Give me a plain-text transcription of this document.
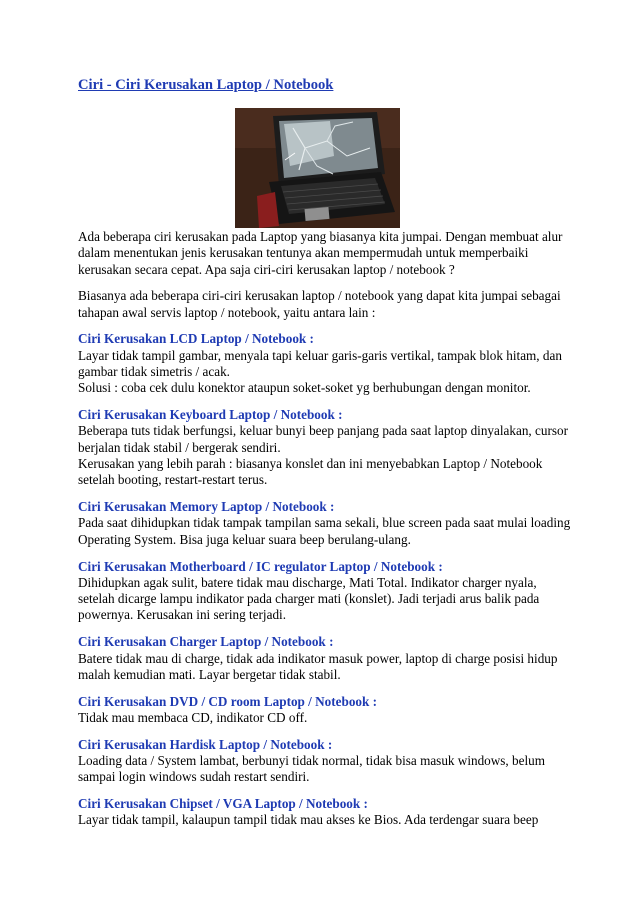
Ciri - Ciri Kerusakan Laptop / Notebook

Ada beberapa ciri kerusakan pada Laptop yang biasanya kita jumpai. Dengan membuat alur
dalam menentukan jenis kerusakan tentunya akan mempermudah untuk memperbaiki
kerusakan secara cepat. Apa saja ciri-ciri kerusakan laptop / notebook ?

Biasanya ada beberapa ciri-ciri kerusakan laptop / notebook yang dapat kita jumpai sebagai
tahapan awal servis laptop / notebook, yaitu antara lain :

Ciri Kerusakan LCD Laptop / Notebook :
Layar tidak tampil gambar, menyala tapi keluar garis-garis vertikal, tampak blok hitam, dan
gambar tidak simetris / acak.
Solusi : coba cek dulu konektor ataupun soket-soket yg berhubungan dengan monitor.
Ciri Kerusakan Keyboard Laptop / Notebook :
Beberapa tuts tidak berfungsi, keluar bunyi beep panjang pada saat laptop dinyalakan, cursor
berjalan tidak stabil / bergerak sendiri.
Kerusakan yang lebih parah : biasanya konslet dan ini menyebabkan Laptop / Notebook
setelah booting, restart-restart terus.
Ciri Kerusakan Memory Laptop / Notebook :
Pada saat dihidupkan tidak tampak tampilan sama sekali, blue screen pada saat mulai loading
Operating System. Bisa juga keluar suara beep berulang-ulang.
Ciri Kerusakan Motherboard / IC regulator Laptop / Notebook :
Dihidupkan agak sulit, batere tidak mau discharge, Mati Total. Indikator charger nyala,
setelah dicarge lampu indikator pada charger mati (konslet). Jadi terjadi arus balik pada
powernya. Kerusakan ini sering terjadi.
Ciri Kerusakan Charger Laptop / Notebook :
Batere tidak mau di charge, tidak ada indikator masuk power, laptop di charge posisi hidup
malah kemudian mati. Layar bergetar tidak stabil.
Ciri Kerusakan DVD / CD room Laptop / Notebook :
Tidak mau membaca CD, indikator CD off.
Ciri Kerusakan Hardisk Laptop / Notebook :
Loading data / System lambat, berbunyi tidak normal, tidak bisa masuk windows, belum
sampai login windows sudah restart sendiri.
Ciri Kerusakan Chipset / VGA Laptop / Notebook :
Layar tidak tampil, kalaupun tampil tidak mau akses ke Bios. Ada terdengar suara beep
